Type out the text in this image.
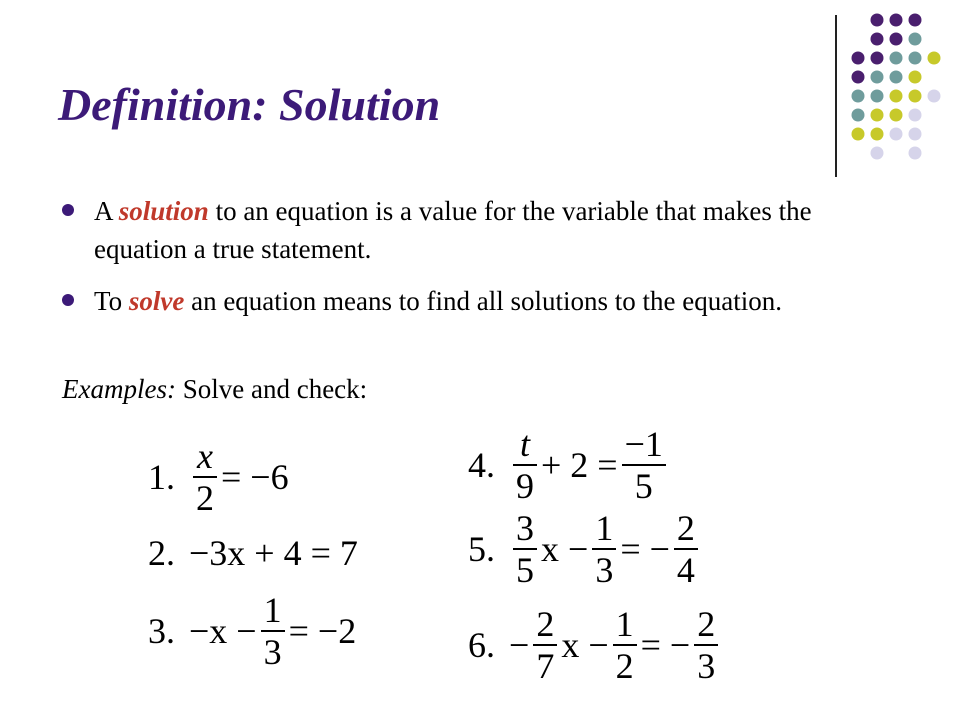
Definition: Solution
A solution to an equation is a value for the variable that makes the equation a true statement.
To solve an equation means to find all solutions to the equation.
Examples: Solve and check:
1. $\frac{x}{2} = -6$
2. −3x + 4 = 7
3. $-x - \frac{1}{3} = -2$
4. $\frac{t}{9} + 2 = \frac{-1}{5}$
5. $\frac{3}{5}$ $x - \frac{1}{3}$ = − $\frac{2}{4}$
6. − $\frac{2}{7}$ $x - \frac{1}{2}$ = − $\frac{2}{3}$
